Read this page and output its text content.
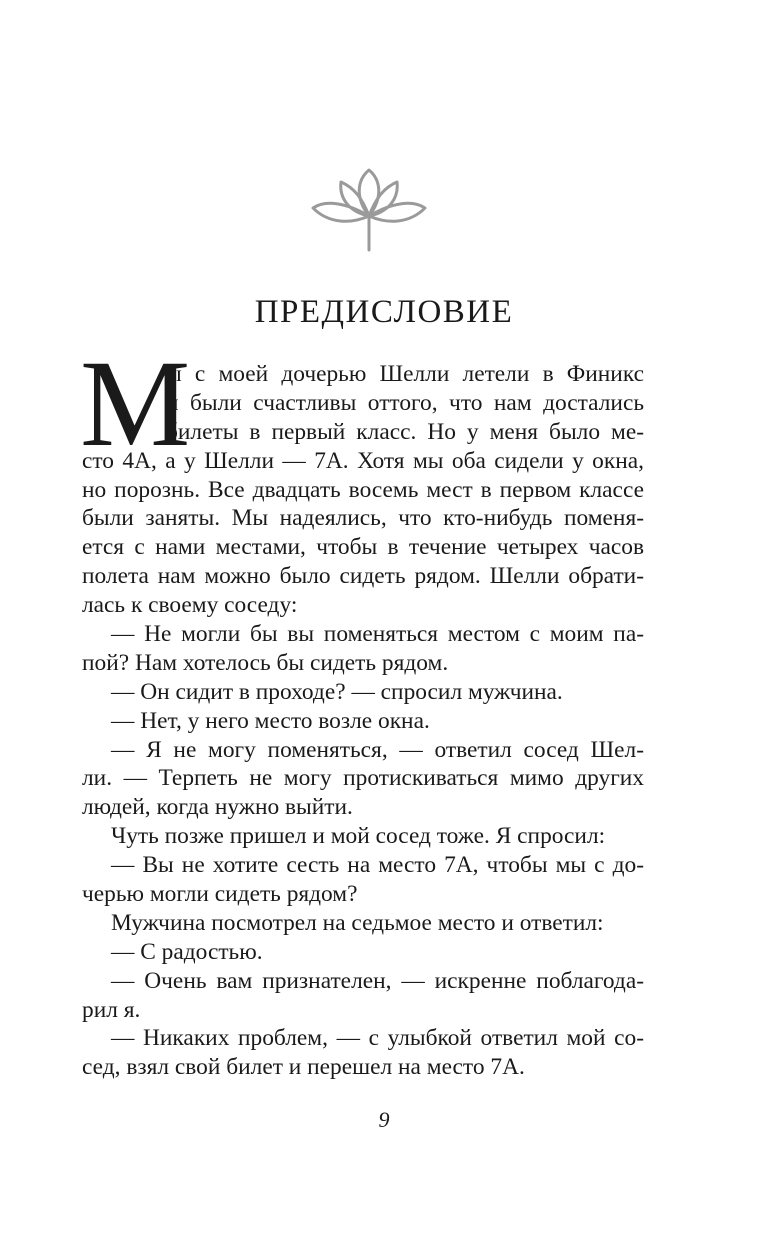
ПРЕДИСЛОВИЕ
М
ы с моей дочерью Шелли летели в Финикс
и были счастливы оттого, что нам достались
билеты в первый класс. Но у меня было ме-
сто 4А, а у Шелли — 7А. Хотя мы оба сидели у окна,
но порознь. Все двадцать восемь мест в первом классе
были заняты. Мы надеялись, что кто-нибудь поменя-
ется с нами местами, чтобы в течение четырех часов
полета нам можно было сидеть рядом. Шелли обрати-
лась к своему соседу:
— Не могли бы вы поменяться местом с моим па-
пой? Нам хотелось бы сидеть рядом.
— Он сидит в проходе? — спросил мужчина.
— Нет, у него место возле окна.
— Я не могу поменяться, — ответил сосед Шел-
ли. — Терпеть не могу протискиваться мимо других
людей, когда нужно выйти.
Чуть позже пришел и мой сосед тоже. Я спросил:
— Вы не хотите сесть на место 7А, чтобы мы с до-
черью могли сидеть рядом?
Мужчина посмотрел на седьмое место и ответил:
— С радостью.
— Очень вам признателен, — искренне поблагода-
рил я.
— Никаких проблем, — с улыбкой ответил мой со-
сед, взял свой билет и перешел на место 7А.
9
